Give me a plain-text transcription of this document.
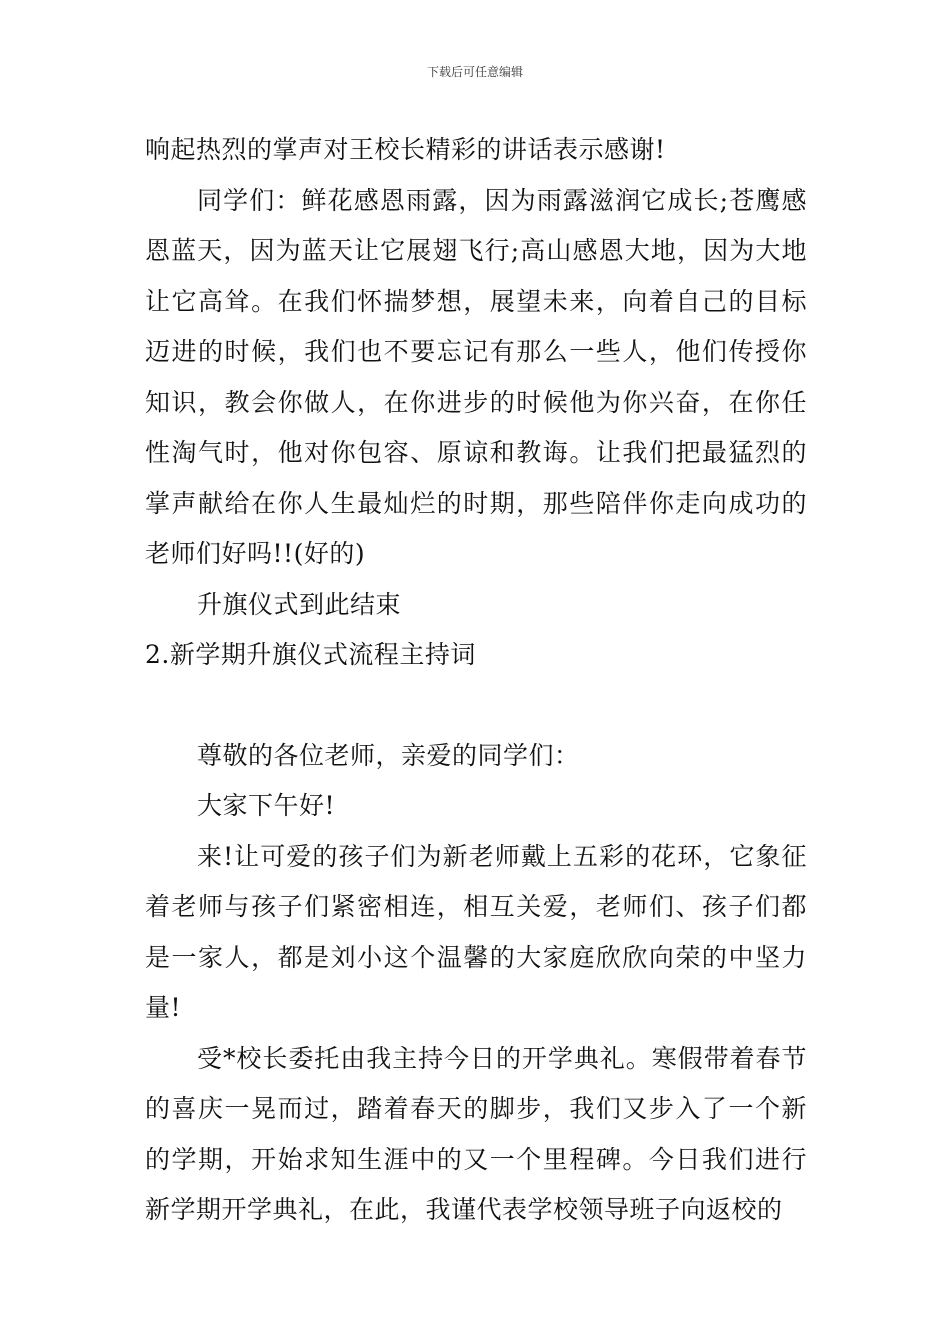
下载后可任意编辑

响起热烈的掌声对王校长精彩的讲话表示感谢!

同学们：鲜花感恩雨露，因为雨露滋润它成长;苍鹰感恩蓝天，因为蓝天让它展翅飞行;高山感恩大地，因为大地让它高耸。在我们怀揣梦想，展望未来，向着自己的目标迈进的时候，我们也不要忘记有那么一些人，他们传授你知识，教会你做人，在你进步的时候他为你兴奋，在你任性淘气时，他对你包容、原谅和教诲。让我们把最猛烈的掌声献给在你人生最灿烂的时期，那些陪伴你走向成功的老师们好吗!!(好的)

升旗仪式到此结束

2.新学期升旗仪式流程主持词

尊敬的各位老师，亲爱的同学们：

大家下午好!

来!让可爱的孩子们为新老师戴上五彩的花环，它象征着老师与孩子们紧密相连，相互关爱，老师们、孩子们都是一家人，都是刘小这个温馨的大家庭欣欣向荣的中坚力量!

受*校长委托由我主持今日的开学典礼。寒假带着春节的喜庆一晃而过，踏着春天的脚步，我们又步入了一个新的学期，开始求知生涯中的又一个里程碑。今日我们进行新学期开学典礼，在此，我谨代表学校领导班子向返校的
